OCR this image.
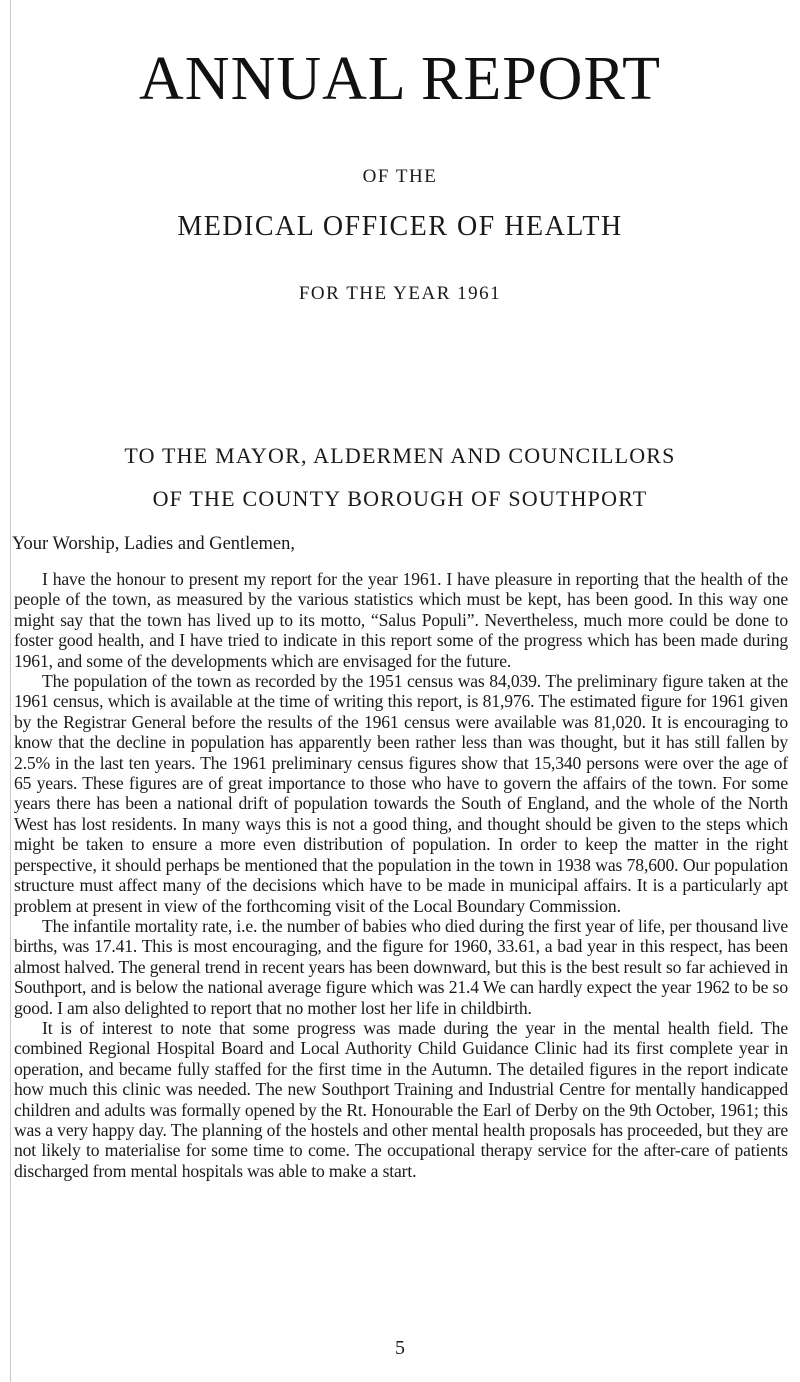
ANNUAL REPORT
OF THE
MEDICAL OFFICER OF HEALTH
FOR THE YEAR 1961
TO THE MAYOR, ALDERMEN AND COUNCILLORS
OF THE COUNTY BOROUGH OF SOUTHPORT
Your Worship, Ladies and Gentlemen,

I have the honour to present my report for the year 1961. I have pleasure in reporting that the health of the people of the town, as measured by the various statistics which must be kept, has been good. In this way one might say that the town has lived up to its motto, “Salus Populi”. Nevertheless, much more could be done to foster good health, and I have tried to indicate in this report some of the progress which has been made during 1961, and some of the developments which are envisaged for the future.

The population of the town as recorded by the 1951 census was 84,039. The preliminary figure taken at the 1961 census, which is available at the time of writing this report, is 81,976. The estimated figure for 1961 given by the Registrar General before the results of the 1961 census were available was 81,020. It is encouraging to know that the decline in population has apparently been rather less than was thought, but it has still fallen by 2.5% in the last ten years. The 1961 preliminary census figures show that 15,340 persons were over the age of 65 years. These figures are of great importance to those who have to govern the affairs of the town. For some years there has been a national drift of population towards the South of England, and the whole of the North West has lost residents. In many ways this is not a good thing, and thought should be given to the steps which might be taken to ensure a more even distribution of population. In order to keep the matter in the right perspective, it should perhaps be mentioned that the population in the town in 1938 was 78,600. Our population structure must affect many of the decisions which have to be made in municipal affairs. It is a particularly apt problem at present in view of the forthcoming visit of the Local Boundary Commission.

The infantile mortality rate, i.e. the number of babies who died during the first year of life, per thousand live births, was 17.41. This is most encouraging, and the figure for 1960, 33.61, a bad year in this respect, has been almost halved. The general trend in recent years has been downward, but this is the best result so far achieved in Southport, and is below the national average figure which was 21.4 We can hardly expect the year 1962 to be so good. I am also delighted to report that no mother lost her life in childbirth.

It is of interest to note that some progress was made during the year in the mental health field. The combined Regional Hospital Board and Local Authority Child Guidance Clinic had its first complete year in operation, and became fully staffed for the first time in the Autumn. The detailed figures in the report indicate how much this clinic was needed. The new Southport Training and Industrial Centre for mentally handicapped children and adults was formally opened by the Rt. Honourable the Earl of Derby on the 9th October, 1961; this was a very happy day. The planning of the hostels and other mental health proposals has proceeded, but they are not likely to materialise for some time to come. The occupational therapy service for the after-care of patients discharged from mental hospitals was able to make a start.

5
